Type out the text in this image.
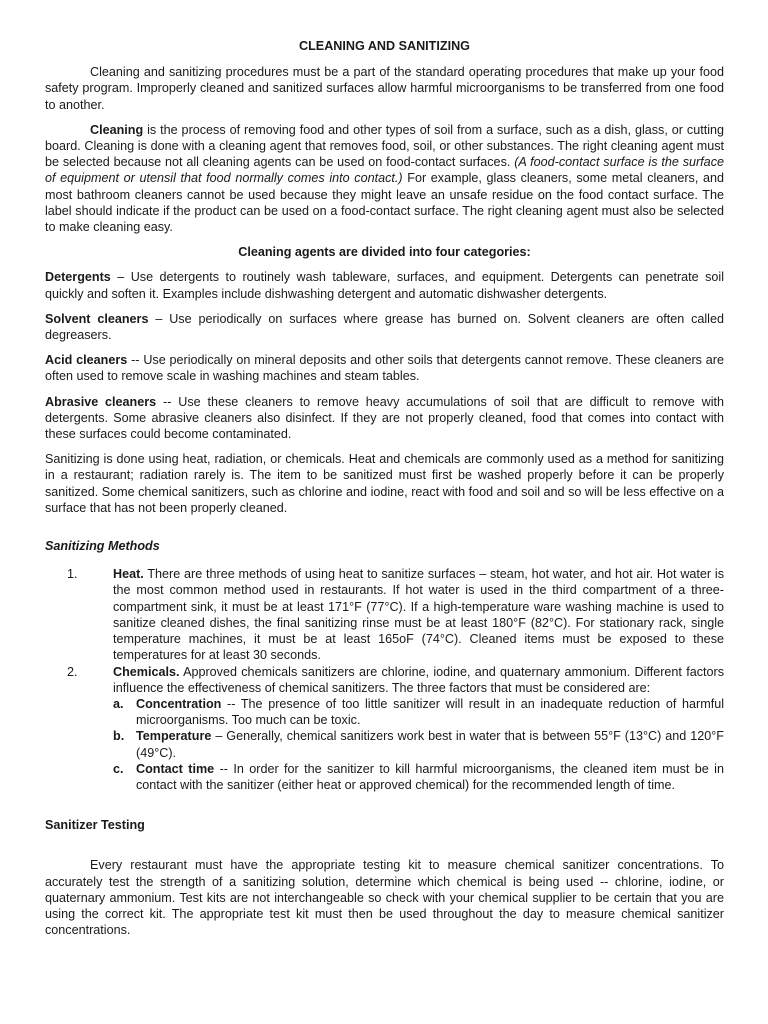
CLEANING AND SANITIZING

Cleaning and sanitizing procedures must be a part of the standard operating procedures that make up your food safety program. Improperly cleaned and sanitized surfaces allow harmful microorganisms to be transferred from one food to another.

Cleaning is the process of removing food and other types of soil from a surface, such as a dish, glass, or cutting board. Cleaning is done with a cleaning agent that removes food, soil, or other substances. The right cleaning agent must be selected because not all cleaning agents can be used on food-contact surfaces. (A food-contact surface is the surface of equipment or utensil that food normally comes into contact.) For example, glass cleaners, some metal cleaners, and most bathroom cleaners cannot be used because they might leave an unsafe residue on the food contact surface. The label should indicate if the product can be used on a food-contact surface. The right cleaning agent must also be selected to make cleaning easy.

Cleaning agents are divided into four categories:

Detergents – Use detergents to routinely wash tableware, surfaces, and equipment. Detergents can penetrate soil quickly and soften it. Examples include dishwashing detergent and automatic dishwasher detergents.

Solvent cleaners – Use periodically on surfaces where grease has burned on. Solvent cleaners are often called degreasers.

Acid cleaners -- Use periodically on mineral deposits and other soils that detergents cannot remove. These cleaners are often used to remove scale in washing machines and steam tables.

Abrasive cleaners -- Use these cleaners to remove heavy accumulations of soil that are difficult to remove with detergents. Some abrasive cleaners also disinfect. If they are not properly cleaned, food that comes into contact with these surfaces could become contaminated.

Sanitizing is done using heat, radiation, or chemicals. Heat and chemicals are commonly used as a method for sanitizing in a restaurant; radiation rarely is. The item to be sanitized must first be washed properly before it can be properly sanitized. Some chemical sanitizers, such as chlorine and iodine, react with food and soil and so will be less effective on a surface that has not been properly cleaned.

Sanitizing Methods
1.	Heat. There are three methods of using heat to sanitize surfaces – steam, hot water, and hot air. Hot water is the most common method used in restaurants. If hot water is used in the third compartment of a three-compartment sink, it must be at least 171°F (77°C). If a high-temperature ware washing machine is used to sanitize cleaned dishes, the final sanitizing rinse must be at least 180°F (82°C). For stationary rack, single temperature machines, it must be at least 165oF (74°C). Cleaned items must be exposed to these temperatures for at least 30 seconds.
2.	Chemicals. Approved chemicals sanitizers are chlorine, iodine, and quaternary ammonium. Different factors influence the effectiveness of chemical sanitizers. The three factors that must be considered are:
a. Concentration -- The presence of too little sanitizer will result in an inadequate reduction of harmful microorganisms. Too much can be toxic.
b. Temperature – Generally, chemical sanitizers work best in water that is between 55°F (13°C) and 120°F (49°C).
c. Contact time -- In order for the sanitizer to kill harmful microorganisms, the cleaned item must be in contact with the sanitizer (either heat or approved chemical) for the recommended length of time.
Sanitizer Testing

Every restaurant must have the appropriate testing kit to measure chemical sanitizer concentrations. To accurately test the strength of a sanitizing solution, determine which chemical is being used -- chlorine, iodine, or quaternary ammonium. Test kits are not interchangeable so check with your chemical supplier to be certain that you are using the correct kit. The appropriate test kit must then be used throughout the day to measure chemical sanitizer concentrations.
